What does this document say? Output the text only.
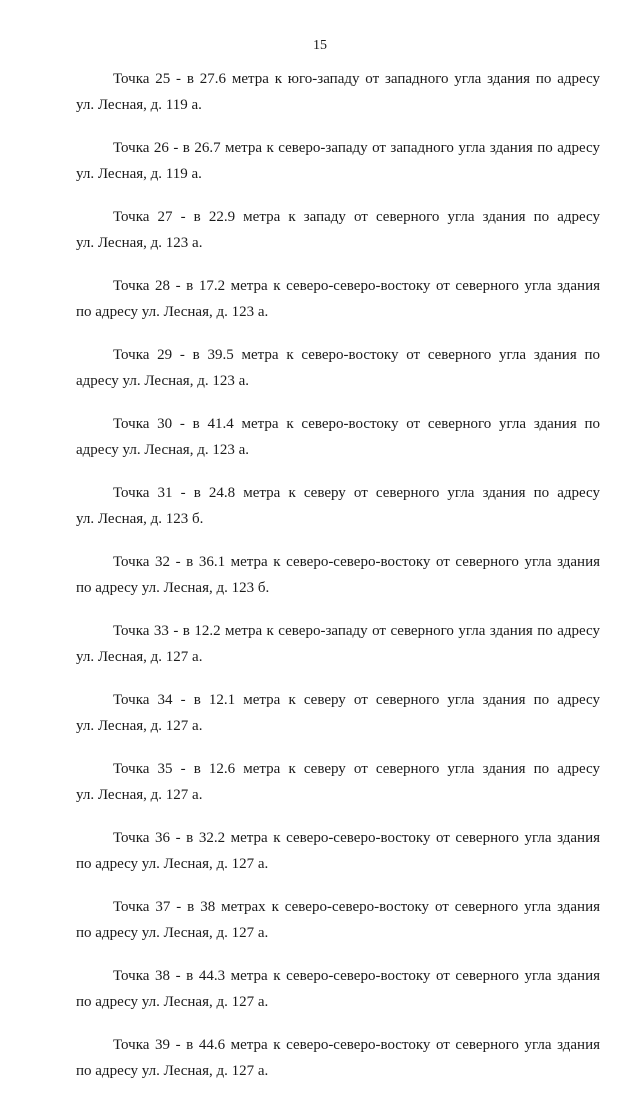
15

Точка 25 - в 27.6 метра к юго-западу от западного угла здания по адресу
ул. Лесная, д. 119 а.

Точка 26 - в 26.7 метра к северо-западу от западного угла здания по адресу
ул. Лесная, д. 119 а.

Точка 27 - в 22.9 метра к западу от северного угла здания по адресу
ул. Лесная, д. 123 а.

Точка 28 - в 17.2 метра к северо-северо-востоку от северного угла здания
по адресу ул. Лесная, д. 123 а.

Точка 29 - в 39.5 метра к северо-востоку от северного угла здания по
адресу ул. Лесная, д. 123 а.

Точка 30 - в 41.4 метра к северо-востоку от северного угла здания по
адресу ул. Лесная, д. 123 а.

Точка 31 - в 24.8 метра к северу от северного угла здания по адресу
ул. Лесная, д. 123 б.

Точка 32 - в 36.1 метра к северо-северо-востоку от северного угла здания
по адресу ул. Лесная, д. 123 б.

Точка 33 - в 12.2 метра к северо-западу от северного угла здания по адресу
ул. Лесная, д. 127 а.

Точка 34 - в 12.1 метра к северу от северного угла здания по адресу
ул. Лесная, д. 127 а.

Точка 35 - в 12.6 метра к северу от северного угла здания по адресу
ул. Лесная, д. 127 а.

Точка 36 - в 32.2 метра к северо-северо-востоку от северного угла здания
по адресу ул. Лесная, д. 127 а.

Точка 37 - в 38 метрах к северо-северо-востоку от северного угла здания
по адресу ул. Лесная, д. 127 а.

Точка 38 - в 44.3 метра к северо-северо-востоку от северного угла здания
по адресу ул. Лесная, д. 127 а.

Точка 39 - в 44.6 метра к северо-северо-востоку от северного угла здания
по адресу ул. Лесная, д. 127 а.
